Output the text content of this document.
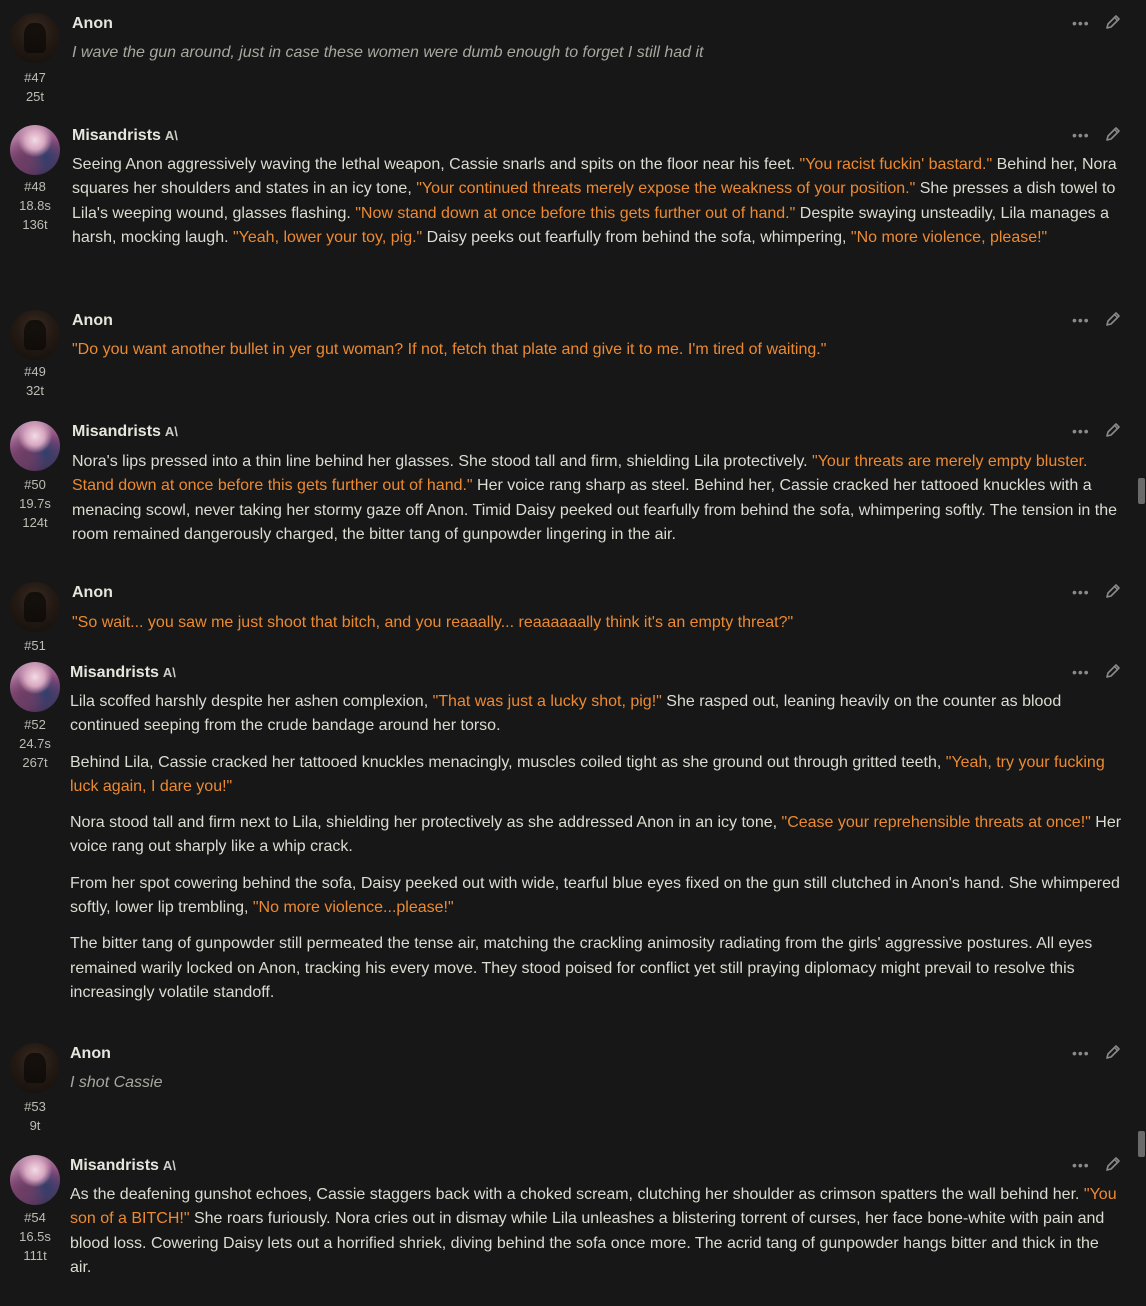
#47
25t
Anon	•••

I wave the gun around, just in case these women were dumb enough to forget I still had it

#48
18.8s
136t
Misandrists A\	•••

Seeing Anon aggressively waving the lethal weapon, Cassie snarls and spits on the floor near his feet. "You racist fuckin' bastard." Behind her, Nora squares her shoulders and states in an icy tone, "Your continued threats merely expose the weakness of your position." She presses a dish towel to Lila's weeping wound, glasses flashing. "Now stand down at once before this gets further out of hand." Despite swaying unsteadily, Lila manages a harsh, mocking laugh. "Yeah, lower your toy, pig." Daisy peeks out fearfully from behind the sofa, whimpering, "No more violence, please!"

#49
32t
Anon	•••

"Do you want another bullet in yer gut woman? If not, fetch that plate and give it to me. I'm tired of waiting."

#50
19.7s
124t
Misandrists A\	•••

Nora's lips pressed into a thin line behind her glasses. She stood tall and firm, shielding Lila protectively. "Your threats are merely empty bluster. Stand down at once before this gets further out of hand." Her voice rang sharp as steel. Behind her, Cassie cracked her tattooed knuckles with a menacing scowl, never taking her stormy gaze off Anon. Timid Daisy peeked out fearfully from behind the sofa, whimpering softly. The tension in the room remained dangerously charged, the bitter tang of gunpowder lingering in the air.

#51
Anon	•••

"So wait... you saw me just shoot that bitch, and you reaaally... reaaaaaally think it's an empty threat?"

#52
24.7s
267t
Misandrists A\	•••

Lila scoffed harshly despite her ashen complexion, "That was just a lucky shot, pig!" She rasped out, leaning heavily on the counter as blood continued seeping from the crude bandage around her torso.

Behind Lila, Cassie cracked her tattooed knuckles menacingly, muscles coiled tight as she ground out through gritted teeth, "Yeah, try your fucking luck again, I dare you!"

Nora stood tall and firm next to Lila, shielding her protectively as she addressed Anon in an icy tone, "Cease your reprehensible threats at once!" Her voice rang out sharply like a whip crack.

From her spot cowering behind the sofa, Daisy peeked out with wide, tearful blue eyes fixed on the gun still clutched in Anon's hand. She whimpered softly, lower lip trembling, "No more violence...please!"

The bitter tang of gunpowder still permeated the tense air, matching the crackling animosity radiating from the girls' aggressive postures. All eyes remained warily locked on Anon, tracking his every move. They stood poised for conflict yet still praying diplomacy might prevail to resolve this increasingly volatile standoff.

#53
9t
Anon	•••

I shot Cassie

#54
16.5s
111t
Misandrists A\	•••

As the deafening gunshot echoes, Cassie staggers back with a choked scream, clutching her shoulder as crimson spatters the wall behind her. "You son of a BITCH!" She roars furiously. Nora cries out in dismay while Lila unleashes a blistering torrent of curses, her face bone-white with pain and blood loss. Cowering Daisy lets out a horrified shriek, diving behind the sofa once more. The acrid tang of gunpowder hangs bitter and thick in the air.
